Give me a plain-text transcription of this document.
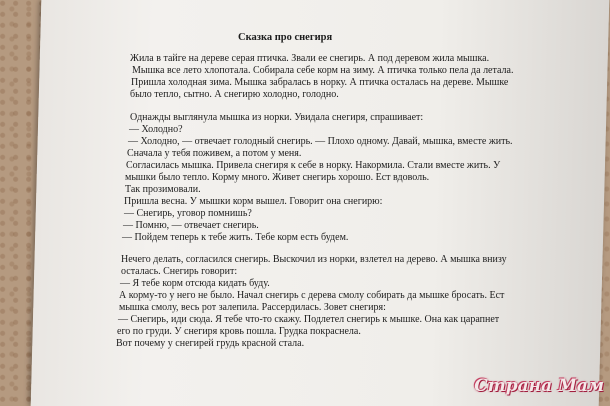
Сказка про снегиря
Жила в тайге на дереве серая птичка. Звали ее снегирь. А под деревом жила мышка.
Мышка все лето хлопотала. Собирала себе корм на зиму. А птичка только пела да летала.
Пришла холодная зима. Мышка забралась в норку. А птичка осталась на дереве. Мышке
было тепло, сытно. А снегирю холодно, голодно.
Однажды выглянула мышка из норки. Увидала снегиря, спрашивает:
— Холодно?
— Холодно, — отвечает голодный снегирь. — Плохо одному. Давай, мышка, вместе жить.
Сначала у тебя поживем, а потом у меня.
Согласилась мышка. Привела снегиря к себе в норку. Накормила. Стали вместе жить. У
мышки было тепло. Корму много. Живет снегирь хорошо. Ест вдоволь.
Так прозимовали.
Пришла весна. У мышки корм вышел. Говорит она снегирю:
— Снегирь, уговор помнишь?
— Помню, — отвечает снегирь.
— Пойдем теперь к тебе жить. Тебе корм есть будем.
Нечего делать, согласился снегирь. Выскочил из норки, взлетел на дерево. А мышка внизу
осталась. Снегирь говорит:
— Я тебе корм отсюда кидать буду.
А корму-то у него не было. Начал снегирь с дерева смолу собирать да мышке бросать. Ест
мышка смолу, весь рот залепила. Рассердилась. Зовет снегиря:
— Снегирь, иди сюда. Я тебе что-то скажу. Подлетел снегирь к мышке. Она как царапнет
его по груди. У снегиря кровь пошла. Грудка покраснела.
Вот почему у снегирей грудь красной стала.
Страна Мам
